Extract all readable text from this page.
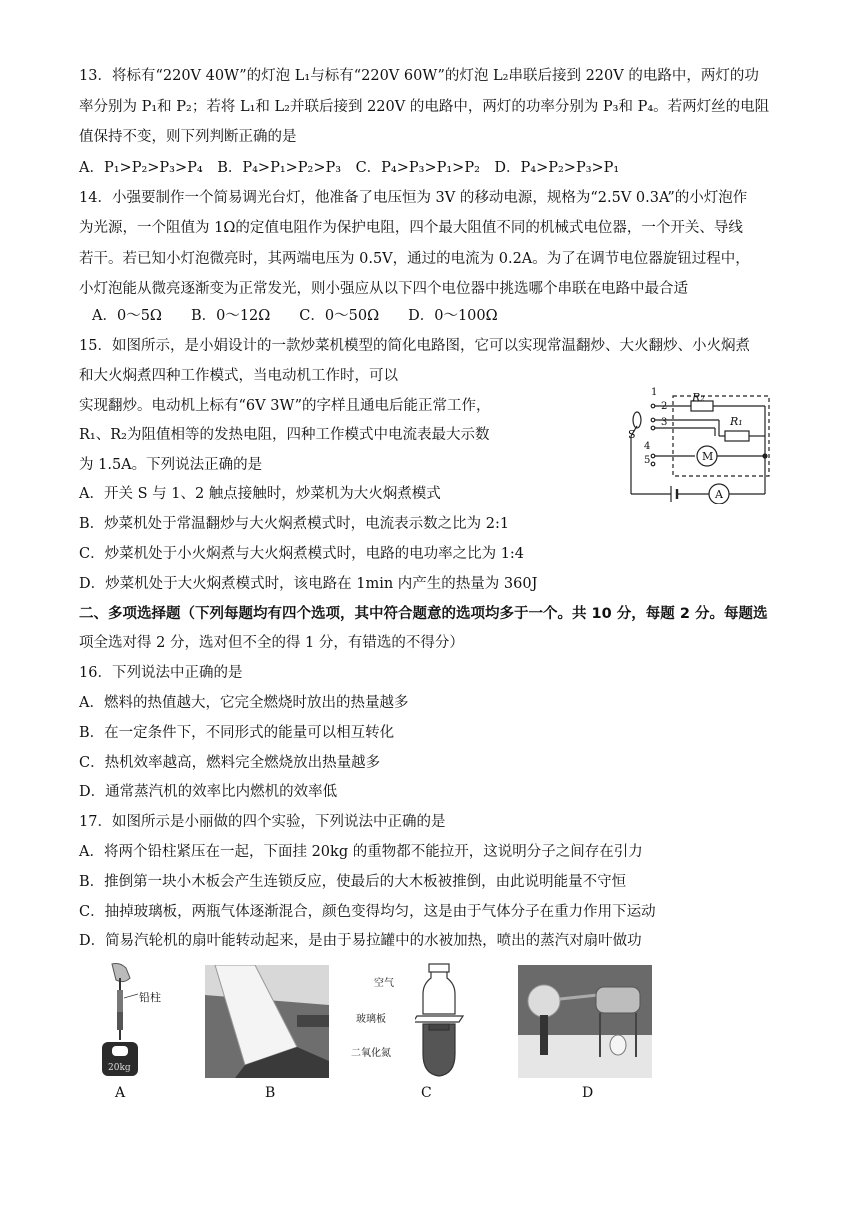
13．将标有“220V 40W”的灯泡 L₁与标有“220V 60W”的灯泡 L₂串联后接到 220V 的电路中，两灯的功
率分别为 P₁和 P₂；若将 L₁和 L₂并联后接到 220V 的电路中，两灯的功率分别为 P₃和 P₄。若两灯丝的电阻
值保持不变，则下列判断正确的是
A．P₁>P₂>P₃>P₄　B．P₄>P₁>P₂>P₃　C．P₄>P₃>P₁>P₂　D．P₄>P₂>P₃>P₁
14．小强要制作一个简易调光台灯，他准备了电压恒为 3V 的移动电源，规格为“2.5V 0.3A”的小灯泡作
为光源，一个阻值为 1Ω的定值电阻作为保护电阻，四个最大阻值不同的机械式电位器，一个开关、导线
若干。若已知小灯泡微亮时，其两端电压为 0.5V，通过的电流为 0.2A。为了在调节电位器旋钮过程中，
小灯泡能从微亮逐渐变为正常发光，则小强应从以下四个电位器中挑选哪个串联在电路中最合适
A．0～5Ω　　B．0～12Ω　　C．0～50Ω　　D．0～100Ω
15．如图所示，是小娟设计的一款炒菜机模型的简化电路图，它可以实现常温翻炒、大火翻炒、小火焖煮
和大火焖煮四种工作模式，当电动机工作时，可以
实现翻炒。电动机上标有“6V 3W”的字样且通电后能正常工作，
R₁、R₂为阻值相等的发热电阻，四种工作模式中电流表最大示数
为 1.5A。下列说法正确的是
A．开关 S 与 1、2 触点接触时，炒菜机为大火焖煮模式
B．炒菜机处于常温翻炒与大火焖煮模式时，电流表示数之比为 2:1
C．炒菜机处于小火焖煮与大火焖煮模式时，电路的电功率之比为 1:4
D．炒菜机处于大火焖煮模式时，该电路在 1min 内产生的热量为 360J
1
2
3
4
5
S
R₂
R₁
M
A
二、多项选择题（下列每题均有四个选项，其中符合题意的选项均多于一个。共 10 分，每题 2 分。每题选
项全选对得 2 分，选对但不全的得 1 分，有错选的不得分）
16．下列说法中正确的是
A．燃料的热值越大，它完全燃烧时放出的热量越多
B．在一定条件下，不同形式的能量可以相互转化
C．热机效率越高，燃料完全燃烧放出热量越多
D．通常蒸汽机的效率比内燃机的效率低
17．如图所示是小丽做的四个实验，下列说法中正确的是
A．将两个铅柱紧压在一起，下面挂 20kg 的重物都不能拉开，这说明分子之间存在引力
B．推倒第一块小木板会产生连锁反应，使最后的大木板被推倒，由此说明能量不守恒
C．抽掉玻璃板，两瓶气体逐渐混合，颜色变得均匀，这是由于气体分子在重力作用下运动
D．简易汽轮机的扇叶能转动起来，是由于易拉罐中的水被加热，喷出的蒸汽对扇叶做功
铅柱
20kg
空气
玻璃板
二氧化氮
A	B	C	D
